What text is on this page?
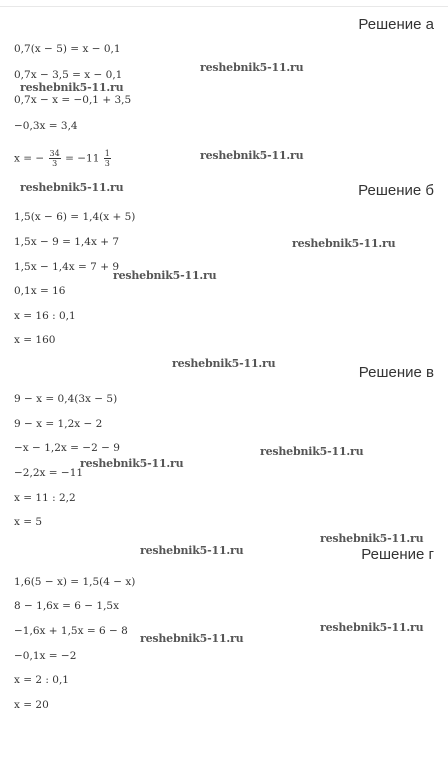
Решение а
0,7(x − 5) = x − 0,1
0,7x − 3,5 = x − 0,1
0,7x − x = −0,1 + 3,5
−0,3x = 3,4
x = − $\frac{34}{3} = -11 \frac{1}{3}$
Решение б
1,5(x − 6) = 1,4(x + 5)
1,5x − 9 = 1,4x + 7
1,5x − 1,4x = 7 + 9
0,1x = 16
x = 16 : 0,1
x = 160
Решение в
9 − x = 0,4(3x − 5)
9 − x = 1,2x − 2
−x − 1,2x = −2 − 9
−2,2x = −11
x = 11 : 2,2
x = 5
Решение г
1,6(5 − x) = 1,5(4 − x)
8 − 1,6x = 6 − 1,5x
−1,6x + 1,5x = 6 − 8
−0,1x = −2
x = 2 : 0,1
x = 20
reshebnik5-11.ru
reshebnik5-11.ru
reshebnik5-11.ru
reshebnik5-11.ru
reshebnik5-11.ru
reshebnik5-11.ru
reshebnik5-11.ru
reshebnik5-11.ru
reshebnik5-11.ru
reshebnik5-11.ru
reshebnik5-11.ru
reshebnik5-11.ru
reshebnik5-11.ru
